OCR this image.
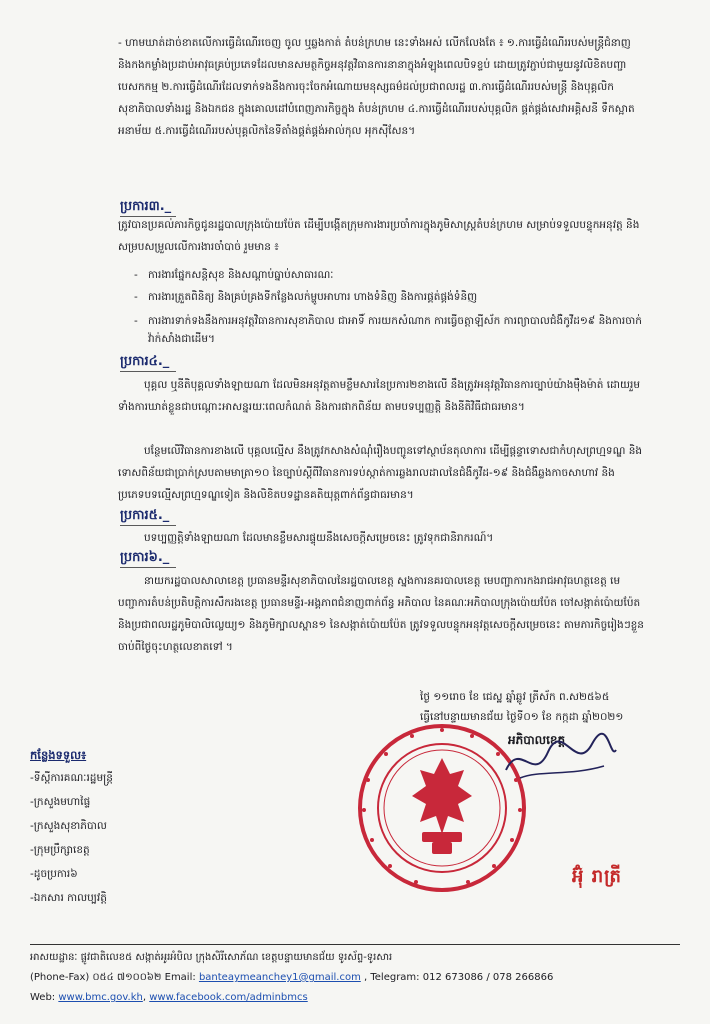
- ហាមឃាត់ដាច់ខាតលើការធ្វើដំណើរចេញ ចូល ឬឆ្លងកាត់ តំបន់ក្រហម នេះទាំងអស់ លើកលែងតែ ៖ ១.ការធ្វើដំណើររបស់មន្ត្រីជំនាញ និងកងកម្លាំងប្រដាប់អាវុធគ្រប់ប្រភេទដែលមានសមត្ថកិច្ចអនុវត្តវិធានការនានាក្នុងអំឡុងពេលបិទខ្ទប់ ដោយត្រូវភ្ជាប់ជាមួយនូវលិខិតបញ្ជាបេសកកម្ម ២.ការធ្វើដំណើរដែលទាក់ទងនឹងការចុះចែកអំណោយមនុស្សធម៌ដល់ប្រជាពលរដ្ឋ ៣.ការធ្វើដំណើររបស់មន្ត្រី និងបុគ្គលិក សុខាភិបាលទាំងរដ្ឋ និងឯកជន ក្នុងគោលដៅបំពេញភារកិច្ចក្នុង តំបន់ក្រហម ៤.ការធ្វើដំណើររបស់បុគ្គលិក ផ្គត់ផ្គង់សេវាអគ្គិសនី ទឹកស្អាត អនាម័យ ៥.ការធ្វើដំណើររបស់បុគ្គលិកនៃទីតាំងផ្គត់ផ្គង់អាល់កុល អុកស៊ីសែន។
ប្រការ៣._
ត្រូវបានប្រគល់ភារកិច្ចជូនរដ្ឋបាលក្រុងប៉ោយប៉ែត ដើម្បីបង្កើតក្រុមការងារប្រចាំការក្នុងភូមិសាស្ត្រតំបន់ក្រហម សម្រាប់ទទួលបន្ទុកអនុវត្ត និងសម្របសម្រួលលើការងារចាំបាច់ រួមមាន ៖
- ការងារផ្នែកសន្តិសុខ និងសណ្តាប់ធ្នាប់សាធារណៈ
- ការងារត្រួតពិនិត្យ និងគ្រប់គ្រងទីកន្លែងលក់ម្ហូបអាហារ ហាងទំនិញ និងការផ្គត់ផ្គង់ទំនិញ
- ការងារទាក់ទងនឹងការអនុវត្តវិធានការសុខាភិបាល ជាអាទិ៍ ការយកសំណាក ការធ្វើចត្តាឡីស័ក ការព្យាបាលជំងឺកូវីដ១៩ និងការចាក់វ៉ាក់សាំងជាដើម។
ប្រការ៤._
បុគ្គល ឬនីតិបុគ្គលទាំងឡាយណា ដែលមិនអនុវត្តតាមខ្លឹមសារនៃប្រការ២ខាងលើ នឹងត្រូវអនុវត្តវិធានការច្បាប់យ៉ាងម៉ឺងម៉ាត់ ដោយរួមទាំងការឃាត់ខ្លួនជាបណ្តោះអាសន្នរយៈពេលកំណត់ និងការផាកពិន័យ តាមបទប្បញ្ញត្តិ និងនីតិវិធីជាធរមាន។
បន្ថែមលើវិធានការខាងលើ បុគ្គលល្មើស នឹងត្រូវកសាងសំណុំរឿងបញ្ជូនទៅស្ថាប័នតុលាការ ដើម្បីផ្តន្ទាទោសជាកំហុសព្រហ្មទណ្ឌ និងទោសពិន័យជាប្រាក់ស្របតាមមាត្រា១០ នៃច្បាប់ស្តីពីវិធានការទប់ស្កាត់ការឆ្លងរាលដាលនៃជំងឺកូវីដ-១៩ និងជំងឺឆ្លងកាចសាហាវ និងប្រភេទបទល្មើសព្រហ្មទណ្ឌទៀត និងលិខិតបទដ្ឋានគតិយុត្តពាក់ព័ន្ធជាធរមាន។
ប្រការ៥._
បទប្បញ្ញត្តិទាំងឡាយណា ដែលមានខ្លឹមសារផ្ទុយនឹងសេចក្តីសម្រេចនេះ ត្រូវទុកជានិរាករណ៍។
ប្រការ៦._
នាយករដ្ឋបាលសាលាខេត្ត ប្រធានមន្ទីរសុខាភិបាលនៃរដ្ឋបាលខេត្ត ស្នងការនគរបាលខេត្ត មេបញ្ជាការកងរាជអាវុធហត្ថខេត្ត មេបញ្ជាការតំបន់ប្រតិបត្តិការសឹករងខេត្ត ប្រធានមន្ទីរ-អង្គភាពជំនាញពាក់ព័ន្ធ អភិបាល នៃគណៈអភិបាលក្រុងប៉ោយប៉ែត ចៅសង្កាត់ប៉ោយប៉ែត និងប្រជាពលរដ្ឋភូមិបាលិល្លេយ្យ១ និងភូមិក្បាលស្ពាន១ នៃសង្កាត់ប៉ោយប៉ែត ត្រូវទទួលបន្ទុកអនុវត្តសេចក្តីសម្រេចនេះ តាមភារកិច្ចរៀងៗខ្លួន ចាប់ពីថ្ងៃចុះហត្ថលេខាតទៅ ។
ថ្ងៃ ១១រោច ខែ ជេស្ឋ ឆ្នាំឆ្លូវ ត្រីស័ក ព.ស២៥៦៥
ធ្វើនៅបន្ទាយមានជ័យ ថ្ងៃទី០១ ខែ កក្កដា ឆ្នាំ២០២១
អភិបាលខេត្ត
អ៊ុំ រាត្រី
កន្លែងទទួល៖
-ទីស្តីការគណៈរដ្ឋមន្ត្រី
-ក្រសួងមហាផ្ទៃ
-ក្រសួងសុខាភិបាល
-ក្រុមប្រឹក្សាខេត្ត
-ដូចប្រការ៦
-ឯកសារ កាលប្បវត្តិ
អាសយដ្ឋានៈ ផ្លូវជាតិលេខ៥ សង្កាត់អូរអំបិល ក្រុងសិរីសោភ័ណ ខេត្តបន្ទាយមានជ័យ ទូរស័ព្ទ-ទូរសារ
(Phone-Fax) ០៥៤ ៧១០០៦២ Email: banteaymeanchey1@gmail.com , Telegram: 012 673086 / 078 266866
Web: www.bmc.gov.kh, www.facebook.com/adminbmcs
